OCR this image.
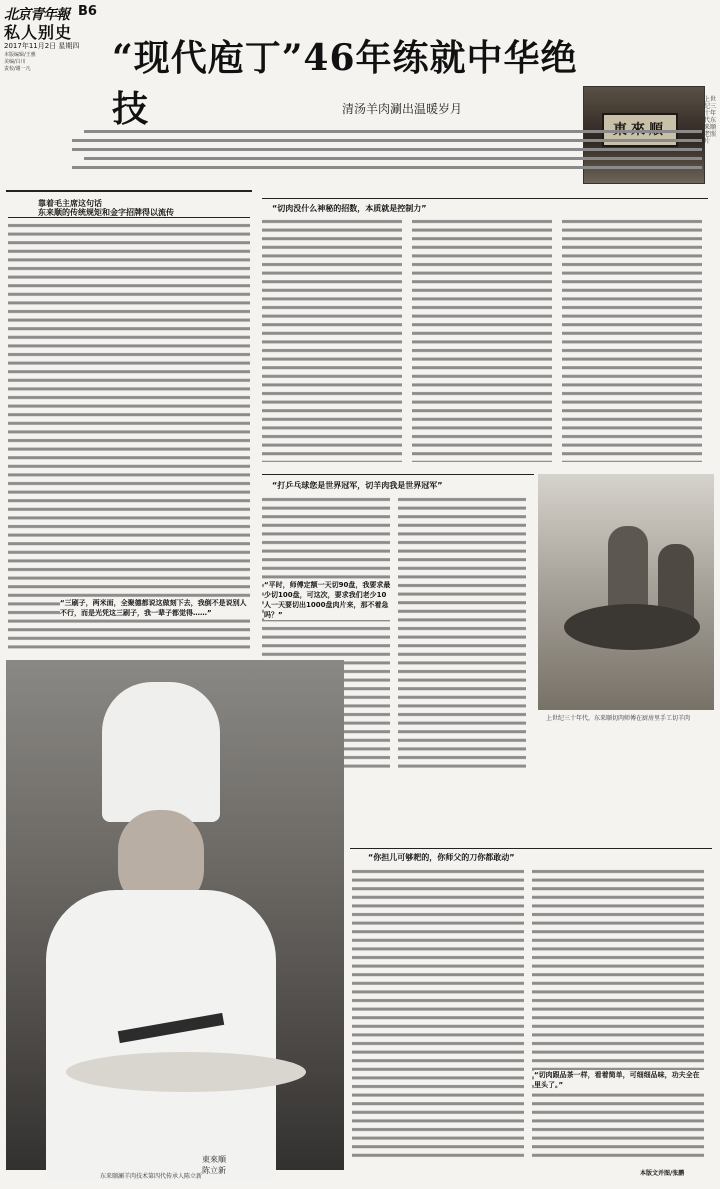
北京青年報 B6
私人别史
2017年11月2日 星期四
本版编辑/王雅
美编/白川
责校/谢一凡 “现代庖丁”46年练就中华绝技	清汤羊肉涮出温暖岁月
上世纪三十年代东来顺老照片
靠着毛主席这句话
东来顺的传统规矩和金字招牌得以流传	“切肉没什么神秘的招数，本质就是控制力”
“打乒乓球您是世界冠军，切羊肉我是世界冠军”
“平时，师傅定额一天切90盘，我要求最少切100盘，可这次，要求我们老少10人一天要切出1000盘肉片来，那不着急吗？”
上世纪三十年代，东来顺切肉师傅在厨房里手工切羊肉
“你担儿可够耙的，你师父的刀你都敢动”
“切肉跟品茶一样，看着简单，可细细品味，功夫全在里头了。”
“三刷子，两米面，全聚德都说这做刻下去，我倒不是说别人不行，而是光凭这三刷子，我一辈子都觉得……”
東來順
陈立新
东来顺涮羊肉技术第四代传承人陈立新	本版文并图/张鹏
